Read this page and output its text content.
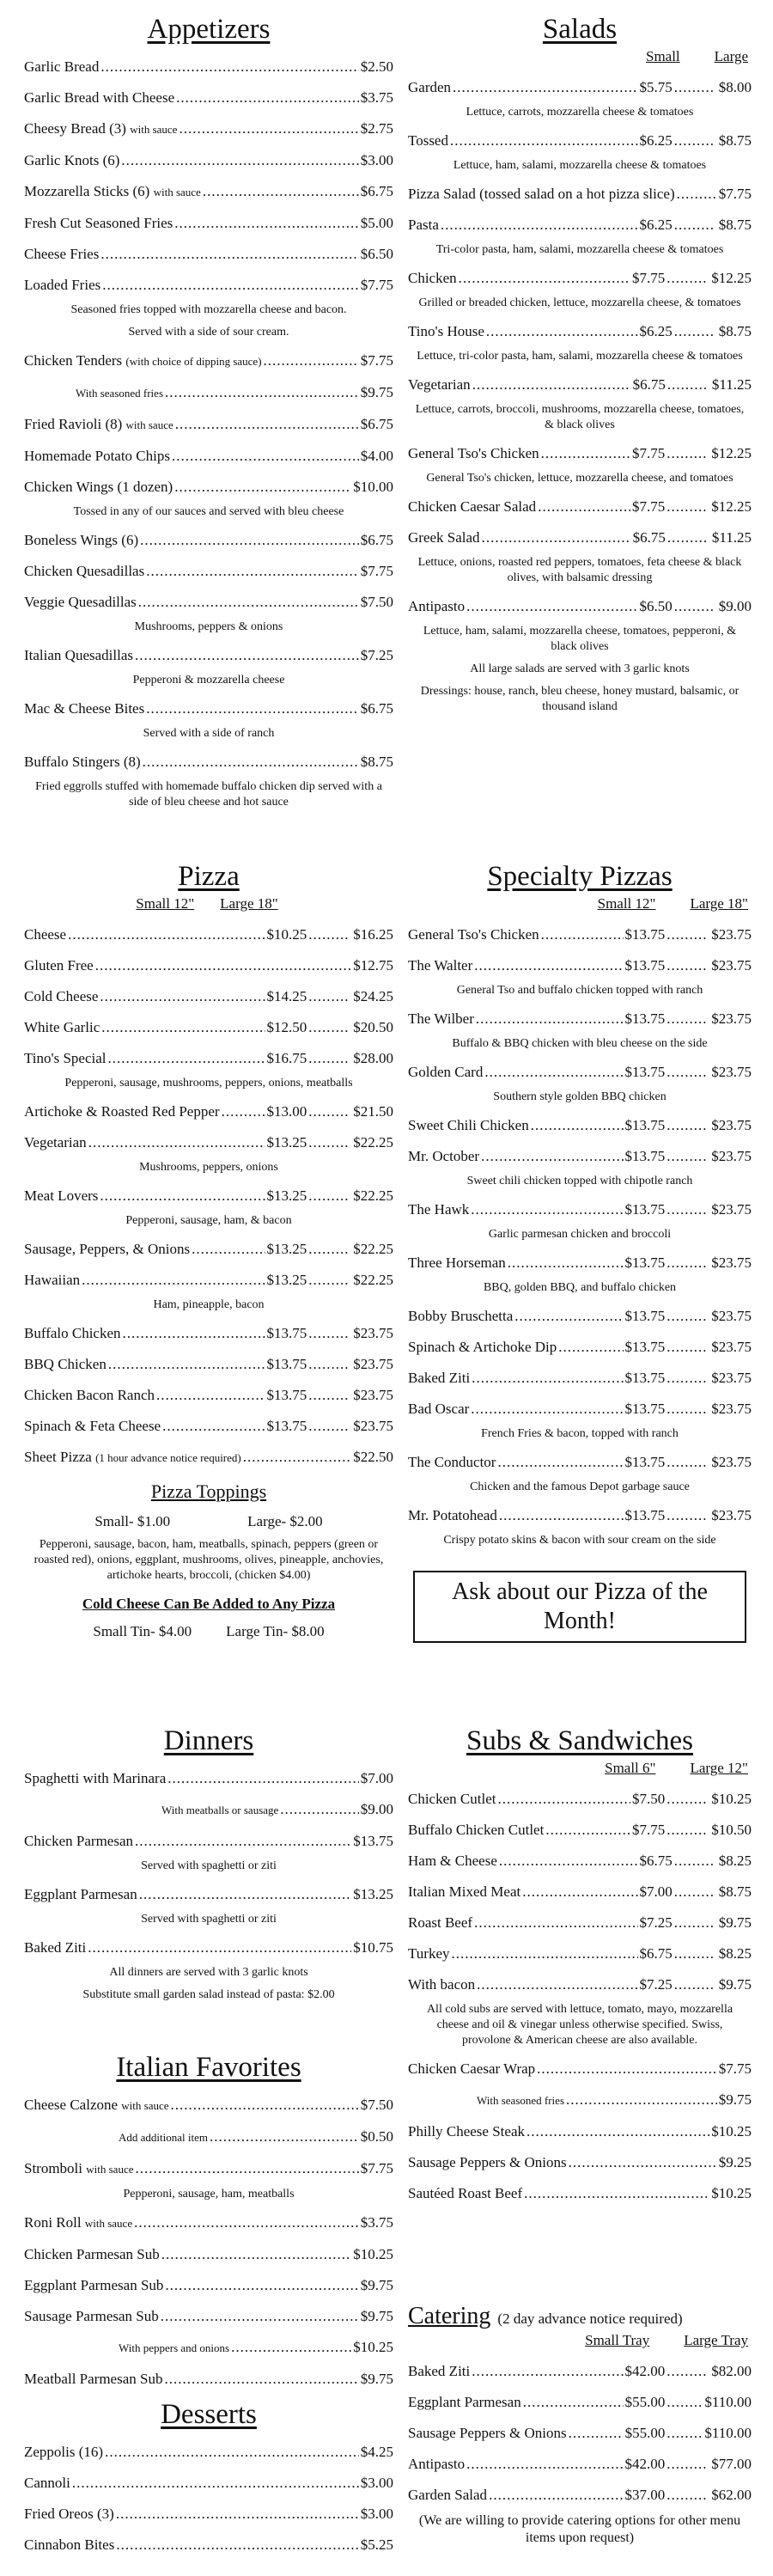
Appetizers
Garlic Bread .....	$2.50
Garlic Bread with Cheese .....	$3.75
Cheesy Bread (3) with sauce .....	$2.75
Garlic Knots (6) .....	$3.00
Mozzarella Sticks (6) with sauce .....	$6.75
Fresh Cut Seasoned Fries .....	$5.00
Cheese Fries .....	$6.50
Loaded Fries .....	$7.75
Seasoned fries topped with mozzarella cheese and bacon.
Served with a side of sour cream.
Chicken Tenders (with choice of dipping sauce) .....	$7.75
With seasoned fries .....	$9.75
Fried Ravioli (8) with sauce .....	$6.75
Homemade Potato Chips .....	$4.00
Chicken Wings (1 dozen) .....	$10.00
Tossed in any of our sauces and served with bleu cheese
Boneless Wings (6) .....	$6.75
Chicken Quesadillas .....	$7.75
Veggie Quesadillas .....	$7.50
Mushrooms, peppers & onions
Italian Quesadillas .....	$7.25
Pepperoni & mozzarella cheese
Mac & Cheese Bites .....	$6.75
Served with a side of ranch
Buffalo Stingers (8) .....	$8.75
Fried eggrolls stuffed with homemade buffalo chicken dip served with a side of bleu cheese and hot sauce
Pizza
Small 12" Large 18"
Cheese .....	$10.25 .....	$16.25
Gluten Free .....	$12.75
Cold Cheese .....	$14.25 .....	$24.25
White Garlic .....	$12.50 .....	$20.50
Tino's Special .....	$16.75 .....	$28.00
Pepperoni, sausage, mushrooms, peppers, onions, meatballs
Artichoke & Roasted Red Pepper .....	$13.00 .....	$21.50
Vegetarian .....	$13.25 .....	$22.25
Mushrooms, peppers, onions
Meat Lovers .....	$13.25 .....	$22.25
Pepperoni, sausage, ham, & bacon
Sausage, Peppers, & Onions .....	$13.25 .....	$22.25
Hawaiian .....	$13.25 .....	$22.25
Ham, pineapple, bacon
Buffalo Chicken .....	$13.75 .....	$23.75
BBQ Chicken .....	$13.75 .....	$23.75
Chicken Bacon Ranch .....	$13.75 .....	$23.75
Spinach & Feta Cheese .....	$13.75 .....	$23.75
Sheet Pizza (1 hour advance notice required) .....	$22.50
Pizza Toppings
Small- $1.00	Large- $2.00
Pepperoni, sausage, bacon, ham, meatballs, spinach, peppers (green or roasted red), onions, eggplant, mushrooms, olives, pineapple, anchovies, artichoke hearts, broccoli, (chicken $4.00)
Cold Cheese Can Be Added to Any Pizza
Small Tin- $4.00 Large Tin- $8.00
Dinners
Spaghetti with Marinara .....	$7.00
With meatballs or sausage .....	$9.00
Chicken Parmesan .....	$13.75
Served with spaghetti or ziti
Eggplant Parmesan .....	$13.25
Served with spaghetti or ziti
Baked Ziti .....	$10.75
All dinners are served with 3 garlic knots
Substitute small garden salad instead of pasta: $2.00
Italian Favorites
Cheese Calzone with sauce .....	$7.50
Add additional item .....	$0.50
Stromboli with sauce .....	$7.75
Pepperoni, sausage, ham, meatballs
Roni Roll with sauce .....	$3.75
Chicken Parmesan Sub .....	$10.25
Eggplant Parmesan Sub .....	$9.75
Sausage Parmesan Sub .....	$9.75
With peppers and onions .....	$10.25
Meatball Parmesan Sub .....	$9.75
Desserts
Zeppolis (16) .....	$4.25
Cannoli .....	$3.00
Fried Oreos (3) .....	$3.00
Cinnabon Bites .....	$5.25
Salads
Small Large
Garden .....	$5.75 .....	$8.00
Lettuce, carrots, mozzarella cheese & tomatoes
Tossed .....	$6.25 .....	$8.75
Lettuce, ham, salami, mozzarella cheese & tomatoes
Pizza Salad (tossed salad on a hot pizza slice) .....	$7.75
Pasta .....	$6.25 .....	$8.75
Tri-color pasta, ham, salami, mozzarella cheese & tomatoes
Chicken .....	$7.75 .....	$12.25
Grilled or breaded chicken, lettuce, mozzarella cheese, & tomatoes
Tino's House .....	$6.25 .....	$8.75
Lettuce, tri-color pasta, ham, salami, mozzarella cheese & tomatoes
Vegetarian .....	$6.75 .....	$11.25
Lettuce, carrots, broccoli, mushrooms, mozzarella cheese, tomatoes, & black olives
General Tso's Chicken .....	$7.75 .....	$12.25
General Tso's chicken, lettuce, mozzarella cheese, and tomatoes
Chicken Caesar Salad .....	$7.75 .....	$12.25
Greek Salad .....	$6.75 .....	$11.25
Lettuce, onions, roasted red peppers, tomatoes, feta cheese & black olives, with balsamic dressing
Antipasto .....	$6.50 .....	$9.00
Lettuce, ham, salami, mozzarella cheese, tomatoes, pepperoni, & black olives
All large salads are served with 3 garlic knots
Dressings: house, ranch, bleu cheese, honey mustard, balsamic, or thousand island
Specialty Pizzas
Small 12" Large 18"
General Tso's Chicken .....	$13.75 .....	$23.75
The Walter .....	$13.75 .....	$23.75
General Tso and buffalo chicken topped with ranch
The Wilber .....	$13.75 .....	$23.75
Buffalo & BBQ chicken with bleu cheese on the side
Golden Card .....	$13.75 .....	$23.75
Southern style golden BBQ chicken
Sweet Chili Chicken .....	$13.75 .....	$23.75
Mr. October .....	$13.75 .....	$23.75
Sweet chili chicken topped with chipotle ranch
The Hawk .....	$13.75 .....	$23.75
Garlic parmesan chicken and broccoli
Three Horseman .....	$13.75 .....	$23.75
BBQ, golden BBQ, and buffalo chicken
Bobby Bruschetta .....	$13.75 .....	$23.75
Spinach & Artichoke Dip .....	$13.75 .....	$23.75
Baked Ziti .....	$13.75 .....	$23.75
Bad Oscar .....	$13.75 .....	$23.75
French Fries & bacon, topped with ranch
The Conductor .....	$13.75 .....	$23.75
Chicken and the famous Depot garbage sauce
Mr. Potatohead .....	$13.75 .....	$23.75
Crispy potato skins & bacon with sour cream on the side
Ask about our Pizza of the Month!
Subs & Sandwiches
Small 6" Large 12"
Chicken Cutlet .....	$7.50 .....	$10.25
Buffalo Chicken Cutlet .....	$7.75 .....	$10.50
Ham & Cheese .....	$6.75 .....	$8.25
Italian Mixed Meat .....	$7.00 .....	$8.75
Roast Beef .....	$7.25 .....	$9.75
Turkey .....	$6.75 .....	$8.25
With bacon .....	$7.25 .....	$9.75
All cold subs are served with lettuce, tomato, mayo, mozzarella cheese and oil & vinegar unless otherwise specified. Swiss, provolone & American cheese are also available.
Chicken Caesar Wrap .....	$7.75
With seasoned fries .....	$9.75
Philly Cheese Steak .....	$10.25
Sausage Peppers & Onions .....	$9.25
Sautéed Roast Beef .....	$10.25
Catering (2 day advance notice required)
Small Tray Large Tray
Baked Ziti .....	$42.00 .....	$82.00
Eggplant Parmesan .....	$55.00 .....	$110.00
Sausage Peppers & Onions .....	$55.00 .....	$110.00
Antipasto .....	$42.00 .....	$77.00
Garden Salad .....	$37.00 .....	$62.00
(We are willing to provide catering options for other menu items upon request)
